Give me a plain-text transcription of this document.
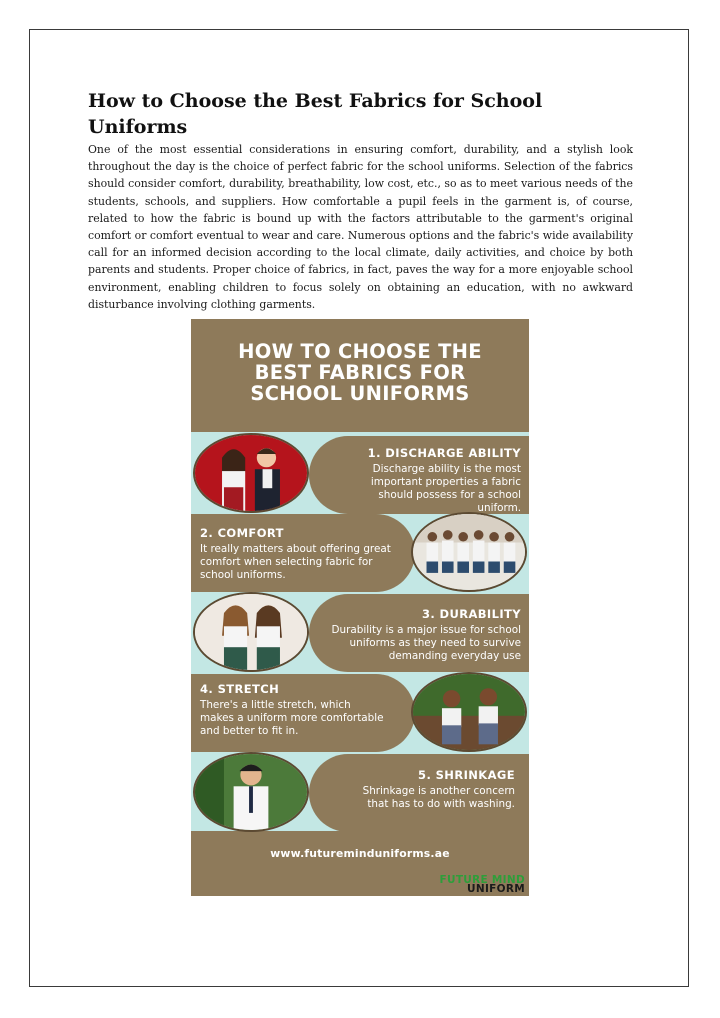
How to Choose the Best Fabrics for School Uniforms

One of the most essential considerations in ensuring comfort, durability, and a stylish look throughout the day is the choice of perfect fabric for the school uniforms. Selection of the fabrics should consider comfort, durability, breathability, low cost, etc., so as to meet various needs of the students, schools, and suppliers. How comfortable a pupil feels in the garment is, of course, related to how the fabric is bound up with the factors attributable to the garment's original comfort or comfort eventual to wear and care. Numerous options and the fabric's wide availability call for an informed decision according to the local climate, daily activities, and choice by both parents and students. Proper choice of fabrics, in fact, paves the way for a more enjoyable school environment, enabling children to focus solely on obtaining an education, with no awkward disturbance involving clothing garments.

HOW TO CHOOSE THE
BEST FABRICS FOR
SCHOOL UNIFORMS
1. DISCHARGE ABILITY
Discharge ability is the most important properties a fabric should possess for a school uniform.
2. COMFORT
It really matters about offering great comfort when selecting fabric for school uniforms.
3. DURABILITY
Durability is a major issue for school uniforms as they need to survive demanding everyday use
4. STRETCH
There's a little stretch, which makes a uniform more comfortable and better to fit in.
5. SHRINKAGE
Shrinkage is another concern that has to do with washing.
www.futureminduniforms.ae
FUTURE MIND
UNIFORM
